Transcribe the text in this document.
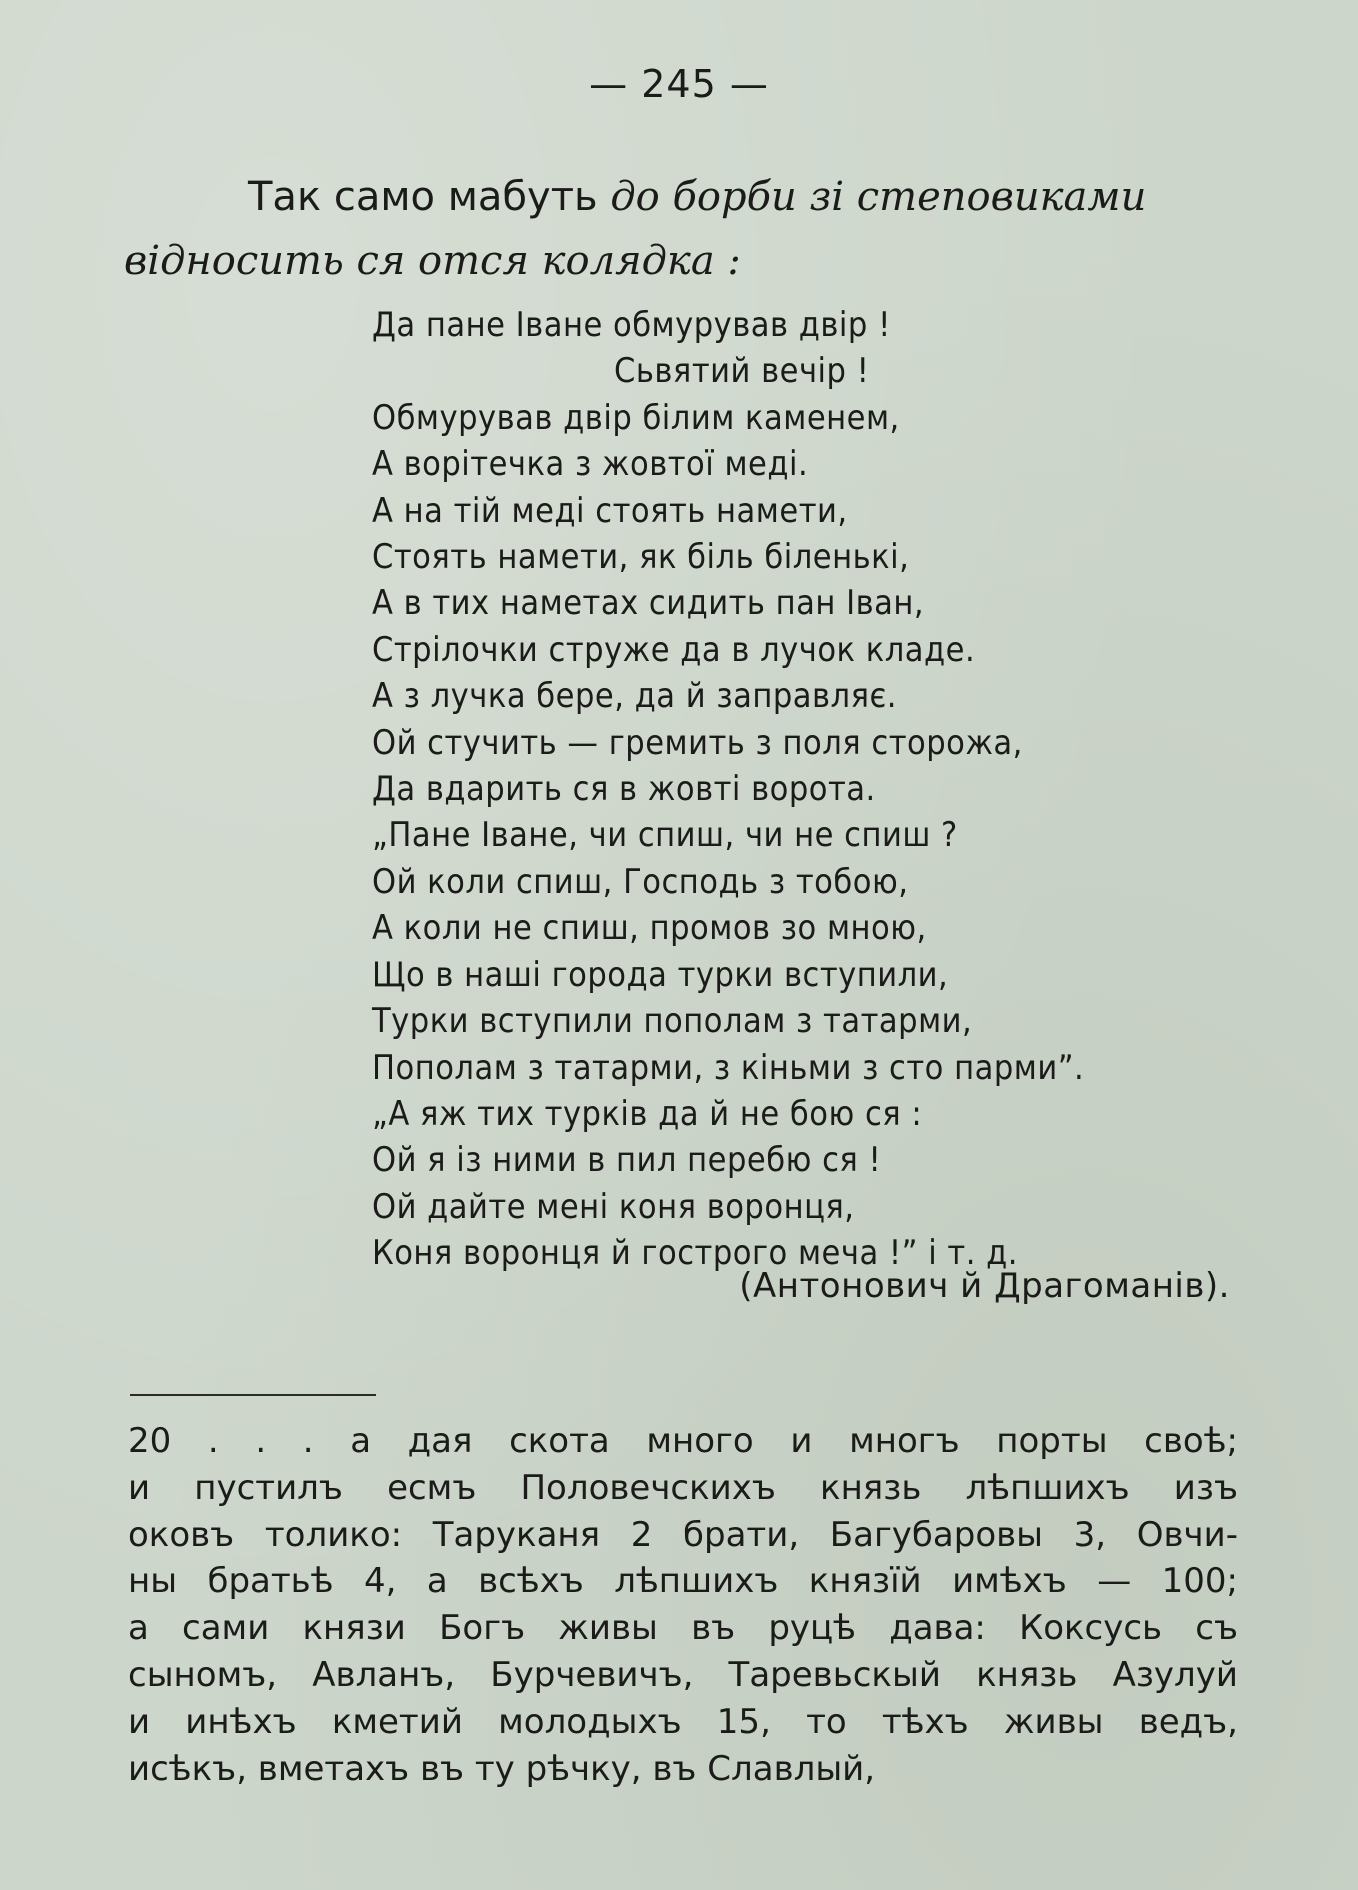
— 245 —

Так само мабуть до борби зі степовиками відносить ся отся колядка :

Да пане Іване обмурував двір !
Сьвятий вечір !
Обмурував двір білим каменем,
А ворітечка з жовтої меді.
А на тій меді стоять намети,
Стоять намети, як біль біленькі,
А в тих наметах сидить пан Іван,
Стрілочки струже да в лучок кладе.
А з лучка бере, да й заправляє.
Ой стучить — гремить з поля сторожа,
Да вдарить ся в жовті ворота.
„Пане Іване, чи спиш, чи не спиш ?
Ой коли спиш, Господь з тобою,
А коли не спиш, промов зо мною,
Що в наші города турки вступили,
Турки вступили пополам з татарми,
Пополам з татарми, з кіньми з сто пармиˮ.
„А яж тих турків да й не бою ся :
Ой я із ними в пил перебю ся !
Ой дайте мені коня воронця,
Коня воронця й гострого меча !ˮ і т. д.
(Антонович й Драгоманів).
20 . . . а дая скота много и многъ порты своѣ;
и пустилъ есмъ Половечскихъ князь лѣпшихъ изъ
оковъ толико: Таруканя 2 брати, Багубаровы 3, Овчи-
ны братьѣ 4, а всѣхъ лѣпшихъ князїй имѣхъ — 100;
а сами князи Богъ живы въ руцѣ дава: Коксусь съ
сыномъ, Авланъ, Бурчевичъ, Таревьскый князь Азулуй
и инѣхъ кметий молодыхъ 15, то тѣхъ живы ведъ,
исѣкъ, вметахъ въ ту рѣчку, въ Славлый,
